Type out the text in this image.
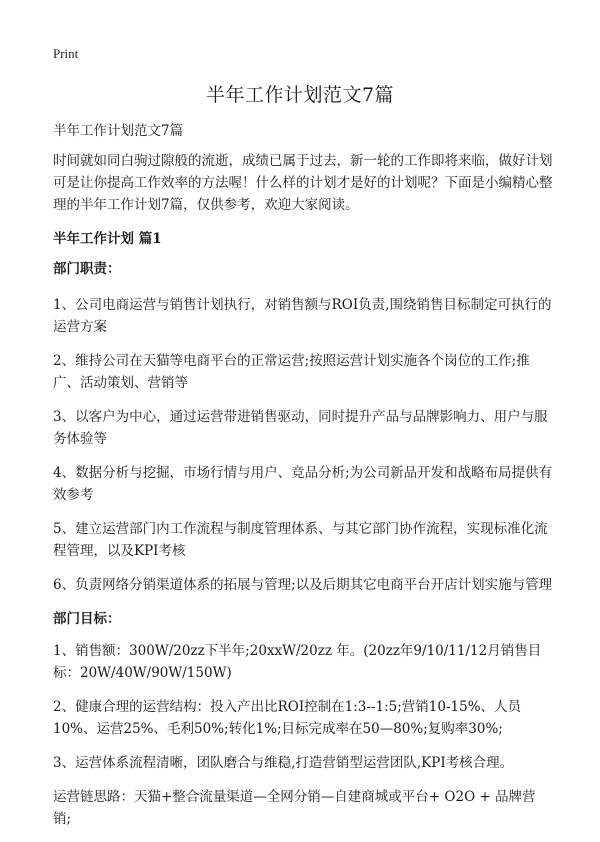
Print
半年工作计划范文7篇

半年工作计划范文7篇

时间就如同白驹过隙般的流逝，成绩已属于过去，新一轮的工作即将来临，做好计划可是让你提高工作效率的方法喔！什么样的计划才是好的计划呢？下面是小编精心整理的半年工作计划7篇，仅供参考，欢迎大家阅读。

半年工作计划 篇1

部门职责：

1、公司电商运营与销售计划执行，对销售额与ROI负责,围绕销售目标制定可执行的运营方案

2、维持公司在天猫等电商平台的正常运营;按照运营计划实施各个岗位的工作;推广、活动策划、营销等

3、以客户为中心，通过运营带进销售驱动，同时提升产品与品牌影响力、用户与服务体验等

4、数据分析与挖掘，市场行情与用户、竞品分析;为公司新品开发和战略布局提供有效参考

5、建立运营部门内工作流程与制度管理体系、与其它部门协作流程，实现标准化流程管理，以及KPI考核

6、负责网络分销渠道体系的拓展与管理;以及后期其它电商平台开店计划实施与管理

部门目标：

1、销售额：300W/20zz下半年;20xxW/20zz 年。(20zz年9/10/11/12月销售目标：20W/40W/90W/150W)

2、健康合理的运营结构：投入产出比ROI控制在1:3--1:5;营销10-15%、人员10%、运营25%、毛利50%;转化1%;目标完成率在50—80%;复购率30%;

3、运营体系流程清晰，团队磨合与维稳,打造营销型运营团队,KPI考核合理。

运营链思路：天猫+整合流量渠道—全网分销—自建商城或平台+ O2O + 品牌营销;
